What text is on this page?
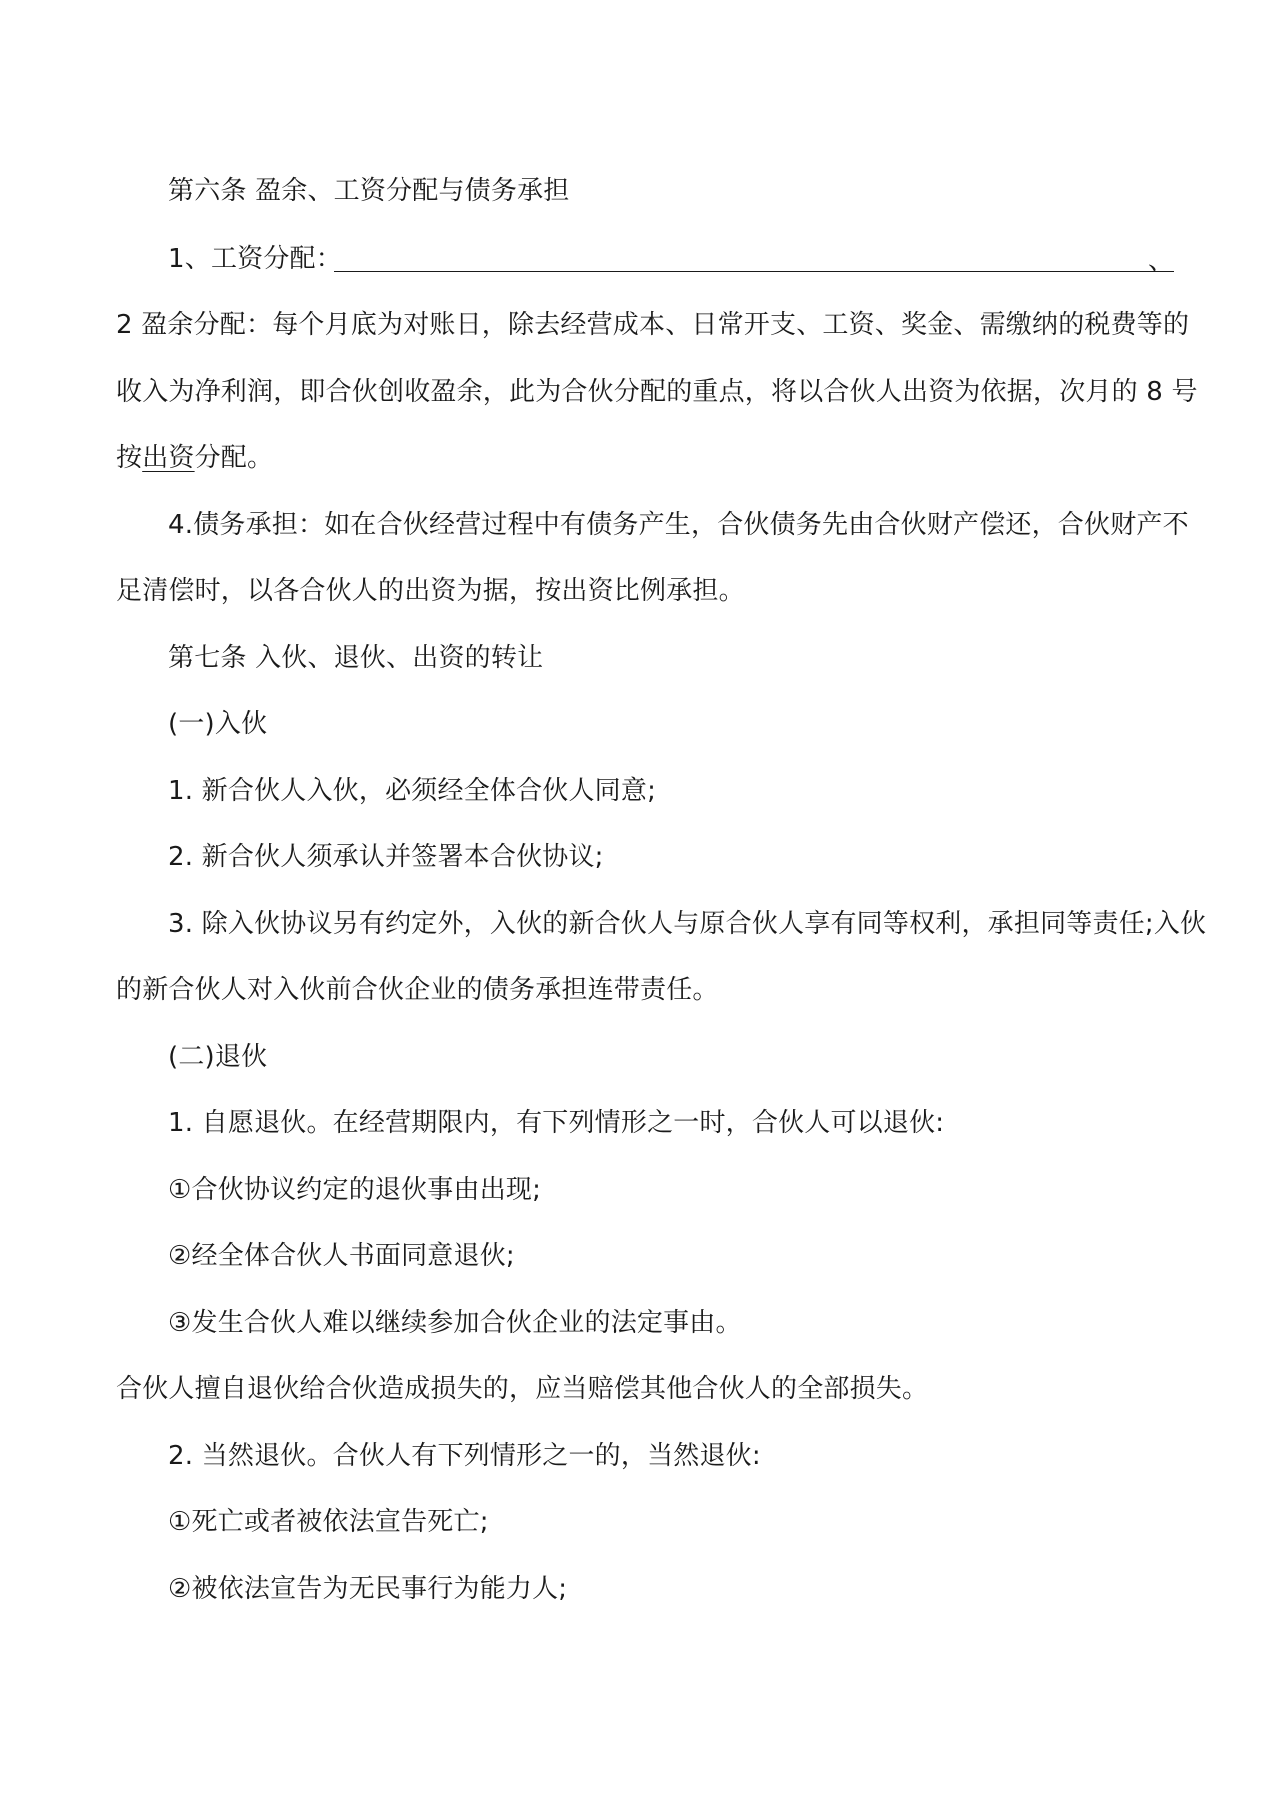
第六条 盈余、工资分配与债务承担
1、工资分配：	、
2 盈余分配：每个月底为对账日，除去经营成本、日常开支、工资、奖金、需缴纳的税费等的
收入为净利润，即合伙创收盈余，此为合伙分配的重点，将以合伙人出资为依据，次月的 8 号
按出资分配。
4.债务承担：如在合伙经营过程中有债务产生，合伙债务先由合伙财产偿还，合伙财产不
足清偿时，以各合伙人的出资为据，按出资比例承担。
第七条 入伙、退伙、出资的转让
(一)入伙
1. 新合伙人入伙，必须经全体合伙人同意;
2. 新合伙人须承认并签署本合伙协议;
3. 除入伙协议另有约定外，入伙的新合伙人与原合伙人享有同等权利，承担同等责任;入伙
的新合伙人对入伙前合伙企业的债务承担连带责任。
(二)退伙
1. 自愿退伙。在经营期限内，有下列情形之一时，合伙人可以退伙:
①合伙协议约定的退伙事由出现;
②经全体合伙人书面同意退伙;
③发生合伙人难以继续参加合伙企业的法定事由。
合伙人擅自退伙给合伙造成损失的，应当赔偿其他合伙人的全部损失。
2. 当然退伙。合伙人有下列情形之一的，当然退伙:
①死亡或者被依法宣告死亡;
②被依法宣告为无民事行为能力人;
